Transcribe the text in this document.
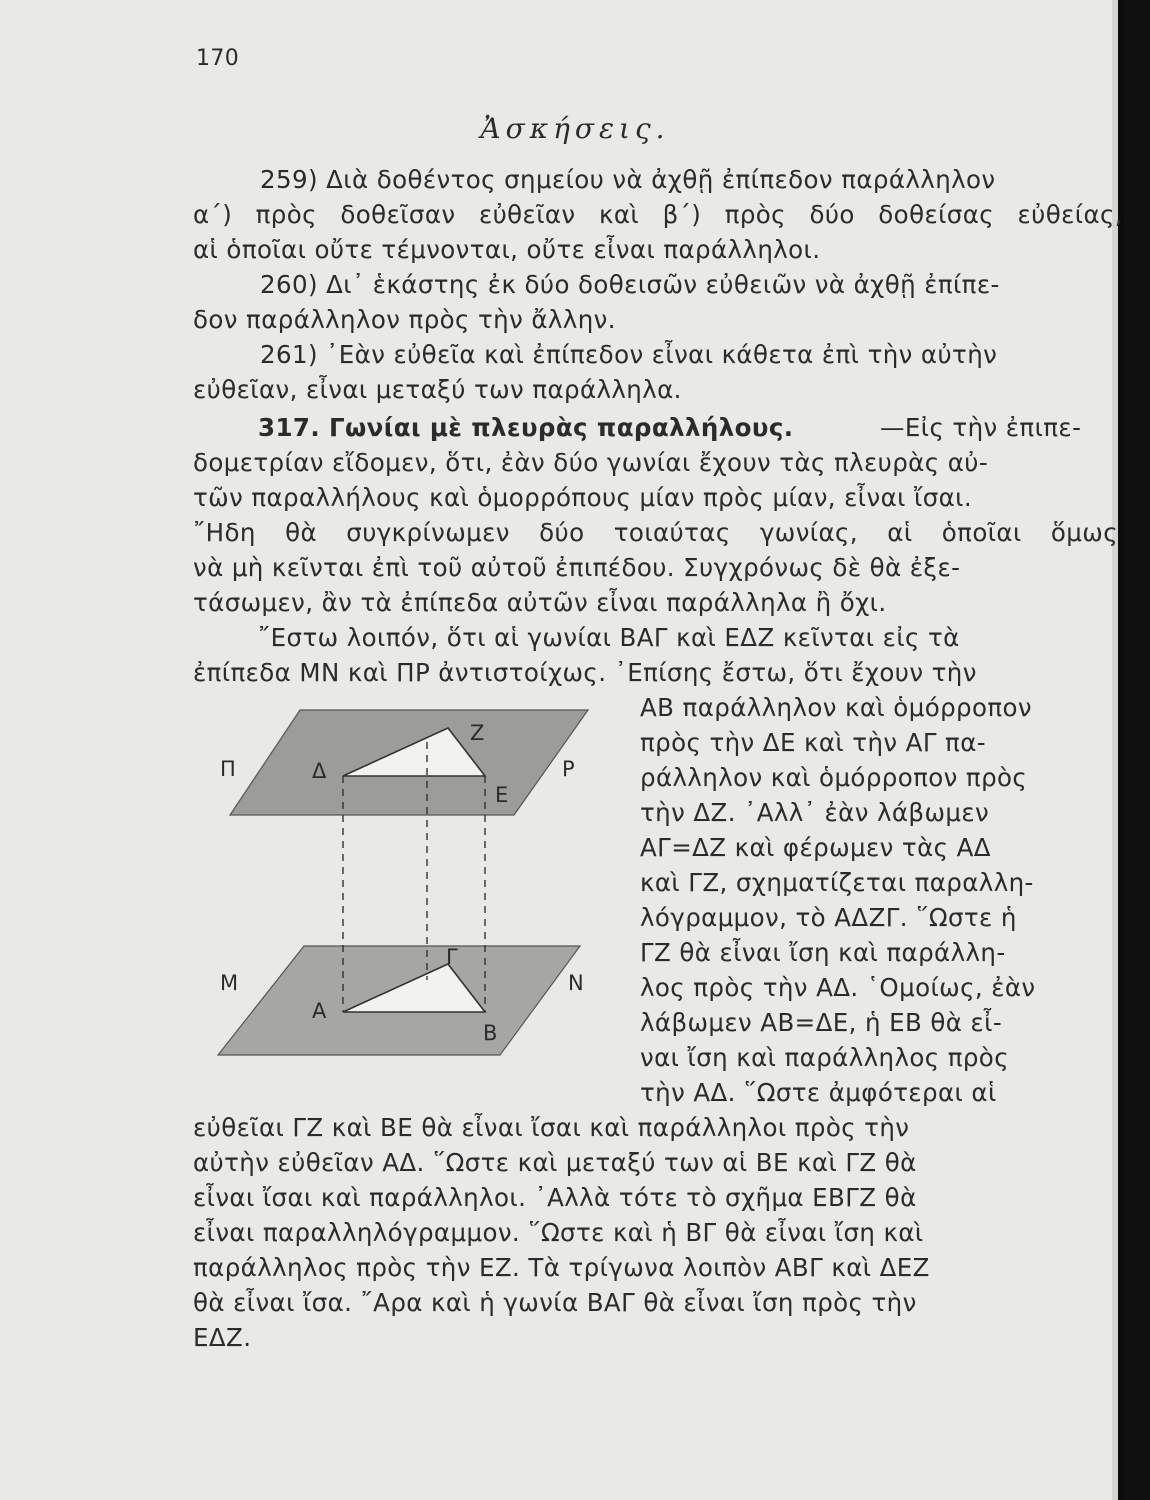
170
Ἀσκήσεις.
259) Διὰ δοθέντος σημείου νὰ ἀχθῇ ἐπίπεδον παράλληλον
α΄) πρὸς δοθεῖσαν εὐθεῖαν καὶ β΄) πρὸς δύο δοθείσας εὐθείας,
αἱ ὁποῖαι οὔτε τέμνονται, οὔτε εἶναι παράλληλοι.
260) Δι᾽ ἑκάστης ἐκ δύο δοθεισῶν εὐθειῶν νὰ ἀχθῇ ἐπίπε-
δον παράλληλον πρὸς τὴν ἄλλην.
261) ᾽Εὰν εὐθεῖα καὶ ἐπίπεδον εἶναι κάθετα ἐπὶ τὴν αὐτὴν
εὐθεῖαν, εἶναι μεταξύ των παράλληλα.
317. Γωνίαι μὲ πλευρὰς παραλλήλους.	—Εἰς τὴν ἐπιπε-
δομετρίαν εἴδομεν, ὅτι, ἐὰν δύο γωνίαι ἔχουν τὰς πλευρὰς αὐ-
τῶν παραλλήλους καὶ ὁμορρόπους μίαν πρὸς μίαν, εἶναι ἴσαι.
῎Ηδη θὰ συγκρίνωμεν δύο τοιαύτας γωνίας, αἱ ὁποῖαι ὅμως
νὰ μὴ κεῖνται ἐπὶ τοῦ αὐτοῦ ἐπιπέδου. Συγχρόνως δὲ θὰ ἐξε-
τάσωμεν, ἂν τὰ ἐπίπεδα αὐτῶν εἶναι παράλληλα ἢ ὄχι.
῎Εστω λοιπόν, ὅτι αἱ γωνίαι ΒΑΓ καὶ ΕΔΖ κεῖνται εἰς τὰ
ἐπίπεδα ΜΝ καὶ ΠΡ ἀντιστοίχως. ᾽Επίσης ἔστω, ὅτι ἔχουν τὴν
ΑΒ παράλληλον καὶ ὁμόρροπον
πρὸς τὴν ΔΕ καὶ τὴν ΑΓ πα-
ράλληλον καὶ ὁμόρροπον πρὸς
τὴν ΔΖ. ᾽Αλλ᾽ ἐὰν λάβωμεν
ΑΓ=ΔΖ καὶ φέρωμεν τὰς ΑΔ
καὶ ΓΖ, σχηματίζεται παραλλη-
λόγραμμον, τὸ ΑΔΖΓ. ῞Ωστε ἡ
ΓΖ θὰ εἶναι ἴση καὶ παράλλη-
λος πρὸς τὴν ΑΔ. ῾Ομοίως, ἐὰν
λάβωμεν ΑΒ=ΔΕ, ἡ ΕΒ θὰ εἶ-
ναι ἴση καὶ παράλληλος πρὸς
τὴν ΑΔ. ῞Ωστε ἀμφότεραι αἱ
εὐθεῖαι ΓΖ καὶ ΒΕ θὰ εἶναι ἴσαι καὶ παράλληλοι πρὸς τὴν
αὐτὴν εὐθεῖαν ΑΔ. ῞Ωστε καὶ μεταξύ των αἱ ΒΕ καὶ ΓΖ θὰ
εἶναι ἴσαι καὶ παράλληλοι. ᾽Αλλὰ τότε τὸ σχῆμα ΕΒΓΖ θὰ
εἶναι παραλληλόγραμμον. ῞Ωστε καὶ ἡ ΒΓ θὰ εἶναι ἴση καὶ
παράλληλος πρὸς τὴν ΕΖ. Τὰ τρίγωνα λοιπὸν ΑΒΓ καὶ ΔΕΖ
θὰ εἶναι ἴσα. ῎Αρα καὶ ἡ γωνία ΒΑΓ θὰ εἶναι ἴση πρὸς τὴν
ΕΔΖ.
Π	Ρ
Δ
Ζ
Ε
Μ	Ν
Α
Γ
Β
